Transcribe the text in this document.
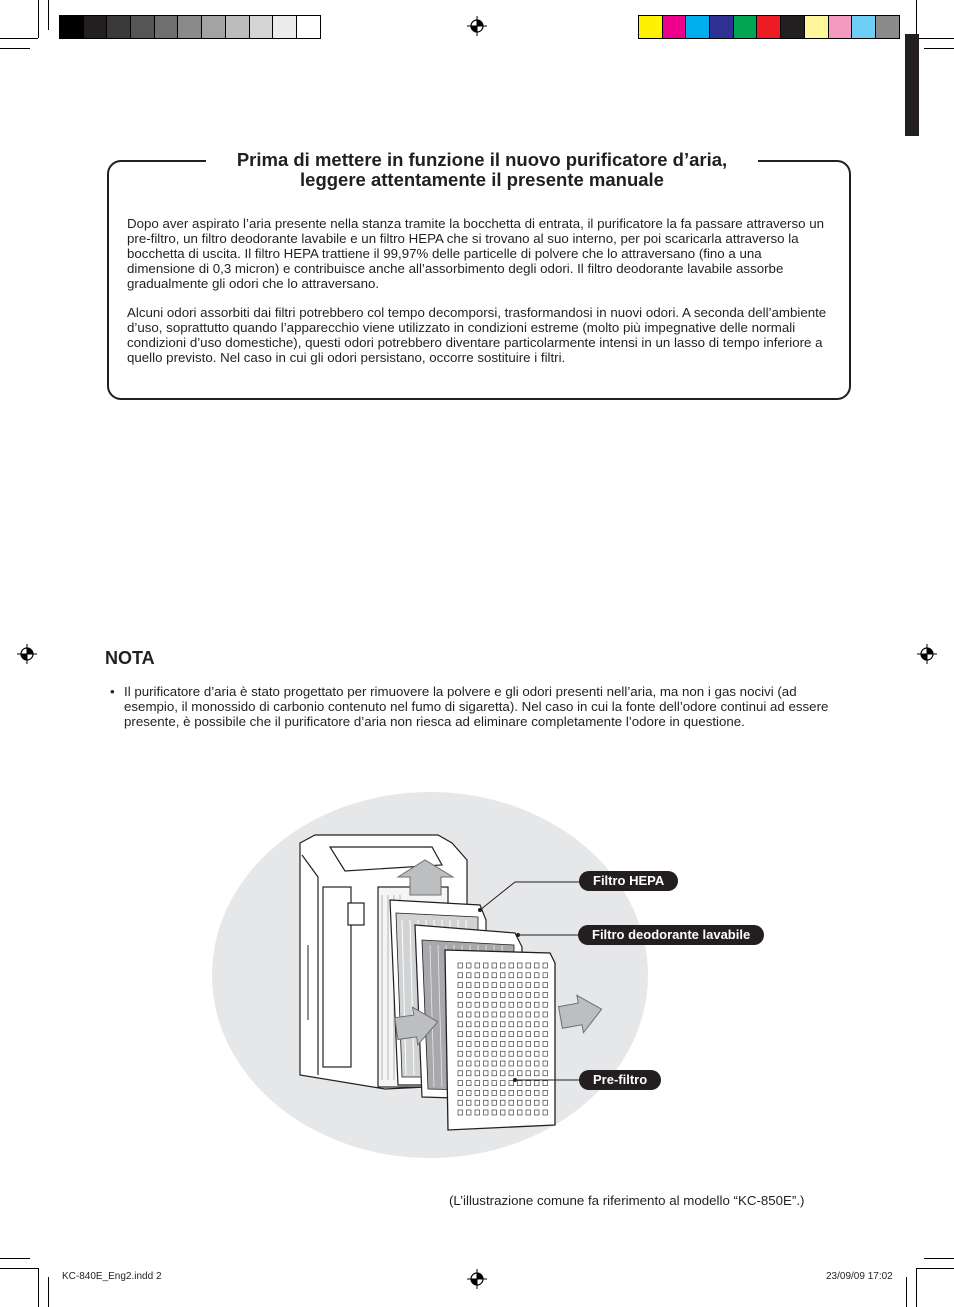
Prima di mettere in funzione il nuovo purificatore d’aria,
leggere attentamente il presente manuale
Dopo aver aspirato l’aria presente nella stanza tramite la bocchetta di entrata, il purificatore la fa passare attraverso un pre-filtro, un filtro deodorante lavabile e un filtro HEPA che si trovano al suo interno, per poi scaricarla attraverso la bocchetta di uscita. Il filtro HEPA trattiene il 99,97% delle particelle di polvere che lo attraversano (fino a una dimensione di 0,3 micron) e contribuisce anche all’assorbimento degli odori. Il filtro deodorante lavabile assorbe gradualmente gli odori che lo attraversano.
Alcuni odori assorbiti dai filtri potrebbero col tempo decomporsi, trasformandosi in nuovi odori. A seconda dell’ambiente d’uso, soprattutto quando l’apparecchio viene utilizzato in condizioni estreme (molto più impegnative delle normali condizioni d’uso domestiche), questi odori potrebbero diventare particolarmente intensi in un lasso di tempo inferiore a quello previsto. Nel caso in cui gli odori persistano, occorre sostituire i filtri.
NOTA
• Il purificatore d’aria è stato progettato per rimuovere la polvere e gli odori presenti nell’aria, ma non i gas nocivi (ad esempio, il monossido di carbonio contenuto nel fumo di sigaretta). Nel caso in cui la fonte dell’odore continui ad essere presente, è possibile che il purificatore d’aria non riesca ad eliminare completamente l’odore in questione.
Filtro HEPA
Filtro deodorante lavabile
Pre-filtro
(L’illustrazione comune fa riferimento al modello “KC-850E”.)
KC-840E_Eng2.indd 2	23/09/09 17:02
